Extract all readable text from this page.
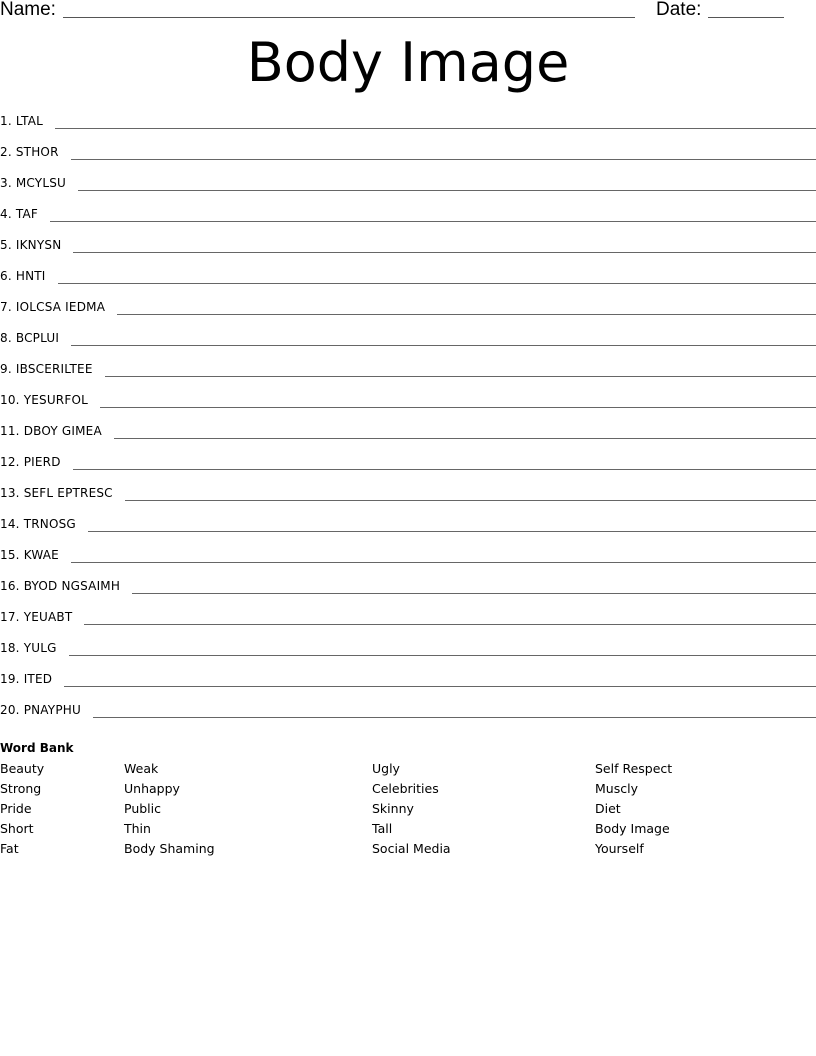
Name:	Date:
Body Image
1. LTAL
2. STHOR
3. MCYLSU
4. TAF
5. IKNYSN
6. HNTI
7. IOLCSA IEDMA
8. BCPLUI
9. IBSCERILTEE
10. YESURFOL
11. DBOY GIMEA
12. PIERD
13. SEFL EPTRESC
14. TRNOSG
15. KWAE
16. BYOD NGSAIMH
17. YEUABT
18. YULG
19. ITED
20. PNAYPHU
Word Bank
Beauty
Strong
Pride
Short
Fat
Weak
Unhappy
Public
Thin
Body Shaming
Ugly
Celebrities
Skinny
Tall
Social Media
Self Respect
Muscly
Diet
Body Image
Yourself
